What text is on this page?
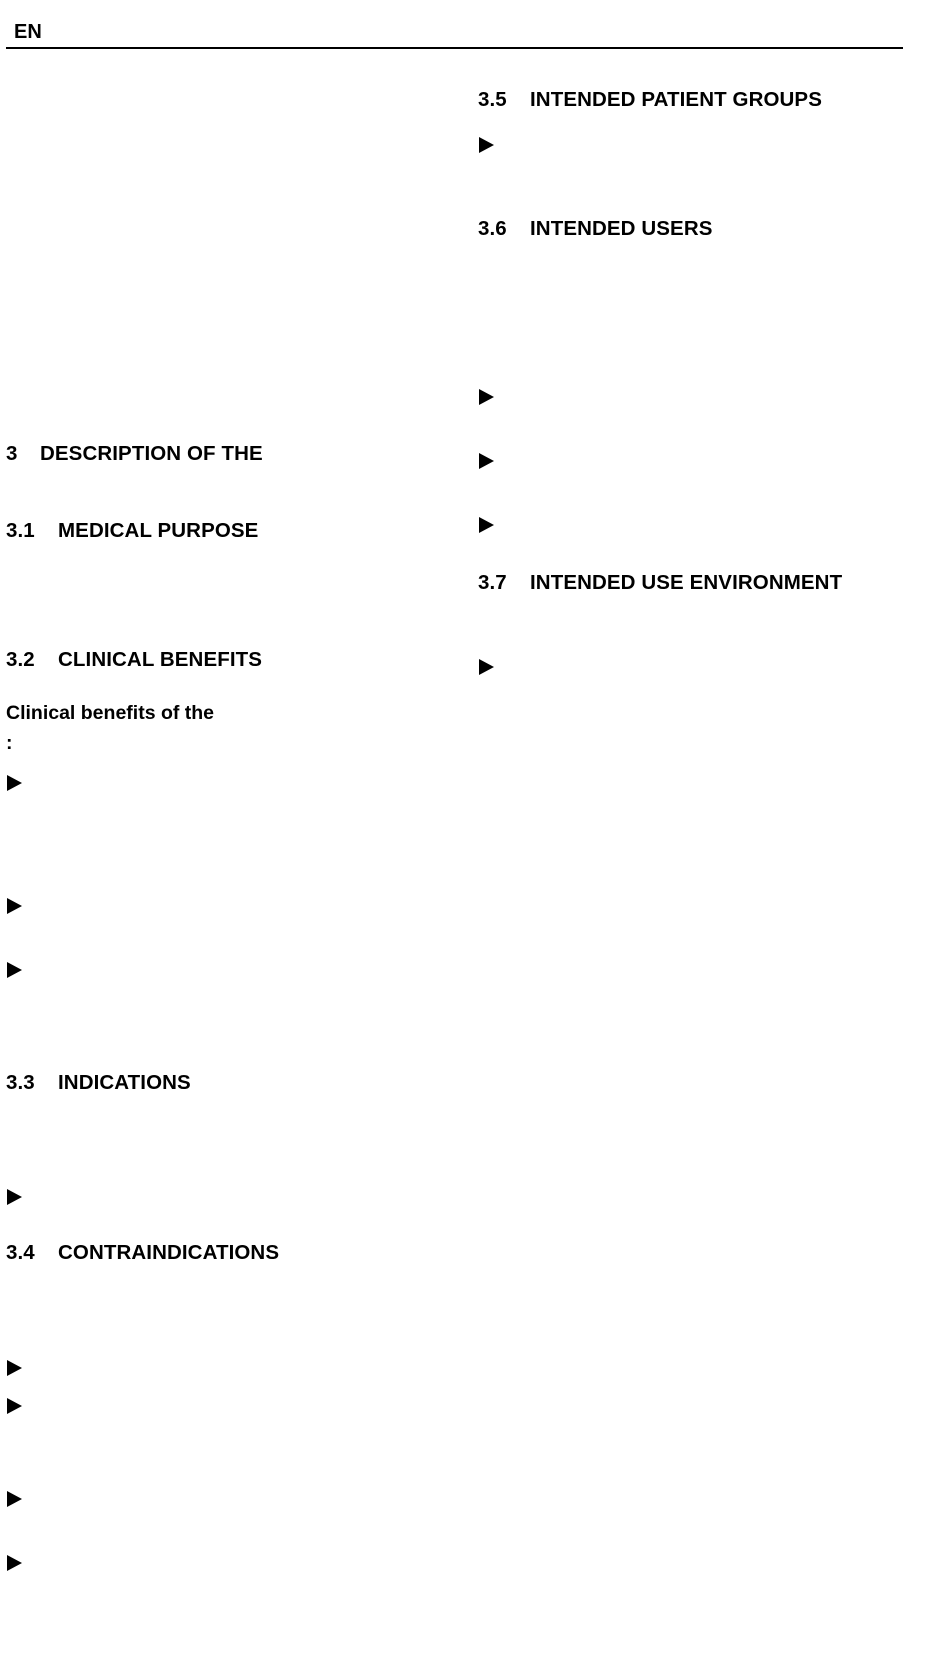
EN
3 DESCRIPTION OF THE
3.1 MEDICAL PURPOSE
3.2 CLINICAL BENEFITS
Clinical benefits of the
:
3.3 INDICATIONS
3.4 CONTRAINDICATIONS
3.5 INTENDED PATIENT GROUPS
3.6 INTENDED USERS
3.7 INTENDED USE ENVIRONMENT
